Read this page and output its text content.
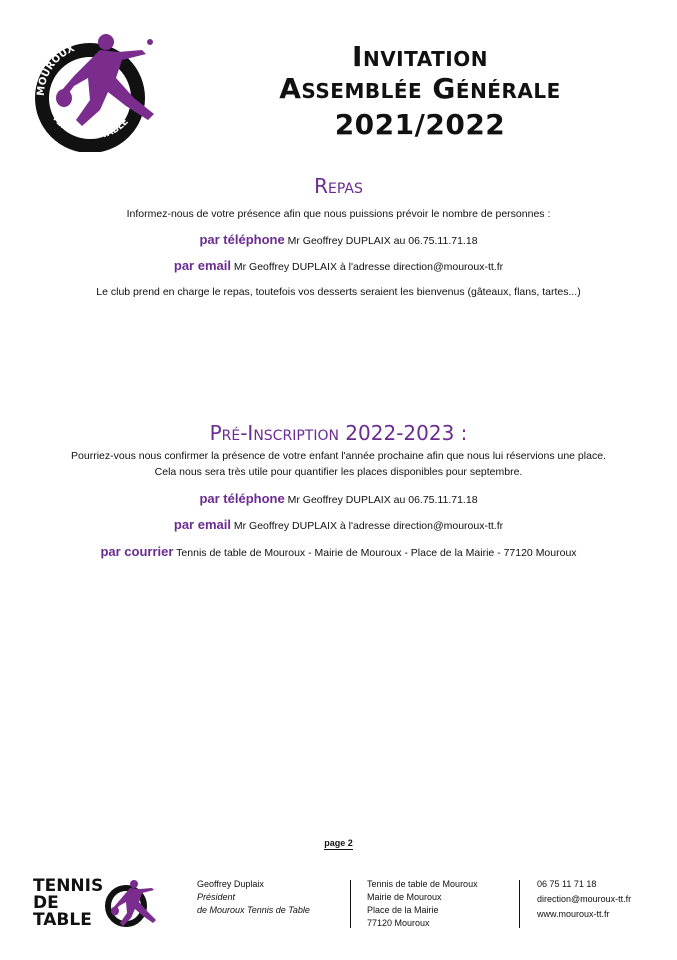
MOUROUX
TENNIS DE TABLE
Invitation
Assemblée Générale
2021/2022
Repas
Informez-nous de votre présence afin que nous puissions prévoir le nombre de personnes :
par téléphone Mr Geoffrey DUPLAIX au 06.75.11.71.18
par email Mr Geoffrey DUPLAIX à l'adresse direction@mouroux-tt.fr
Le club prend en charge le repas, toutefois vos desserts seraient les bienvenus (gâteaux, flans, tartes...)
Pré-Inscription 2022-2023 :
Pourriez-vous nous confirmer la présence de votre enfant l'année prochaine afin que nous lui réservions une place.
Cela nous sera très utile pour quantifier les places disponibles pour septembre.
par téléphone Mr Geoffrey DUPLAIX au 06.75.11.71.18
par email Mr Geoffrey DUPLAIX à l'adresse direction@mouroux-tt.fr
par courrier Tennis de table de Mouroux - Mairie de Mouroux - Place de la Mairie - 77120 Mouroux
page 2
TENNIS
DE
TABLE
Geoffrey Duplaix
Président
de Mouroux Tennis de Table
Tennis de table de Mouroux
Mairie de Mouroux
Place de la Mairie
77120 Mouroux
06 75 11 71 18
direction@mouroux-tt.fr
www.mouroux-tt.fr
